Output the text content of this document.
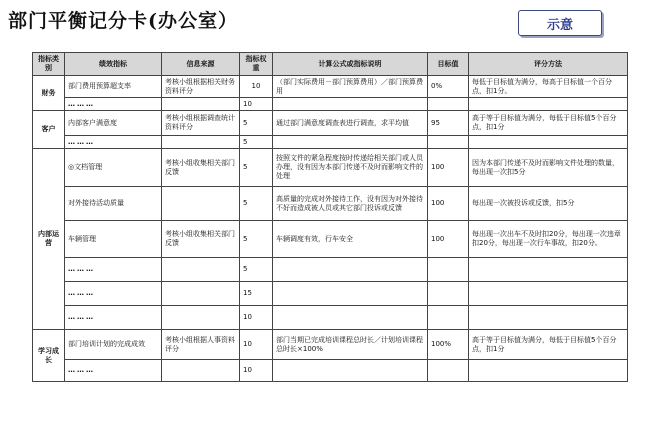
部门平衡记分卡(办公室）	示意
指标类别	绩效指标	信息来源	指标权重	计算公式或指标说明	目标值	评分方法
财务	部门费用预算超支率	考核小组根据相关财务资料评分	10	（部门实际费用－部门预算费用）／部门预算费用	0%	每低于目标值为满分，每高于目标值一个百分点，扣1分。
	………		10			
客户	内部客户满意度	考核小组根据调查统计资料评分	5	通过部门满意度调查表进行调查，求平均值	95	高于等于目标值为满分，每低于目标值5个百分点，扣1分
	………		5			
内部运营	◎文档管理	考核小组收集相关部门反馈	5	按照文件的紧急程度按时传递给相关部门或人员办理，没有因为本部门传递不及时而影响文件的处理	100	因为本部门传递不及时而影响文件处理的数量，每出现一次扣5分
	对外接待活动质量		5	高质量的完成对外接待工作，没有因为对外接待不好而造成被人员或其它部门投诉或反馈	100	每出现一次被投诉或反馈，扣5分
	车辆管理	考核小组收集相关部门反馈	5	车辆调度有效，行车安全	100	每出现一次出车不及时扣20分，每出现一次违章扣20分，每出现一次行车事故，扣20分。
	………		5			
	………		15			
	………		10			
学习成长	部门培训计划的完成成效	考核小组根据人事资料评分	10	部门当期已完成培训课程总时长／计划培训课程总时长×100%	100%	高于等于目标值为满分，每低于目标值5个百分点，扣1分
	………		10			
